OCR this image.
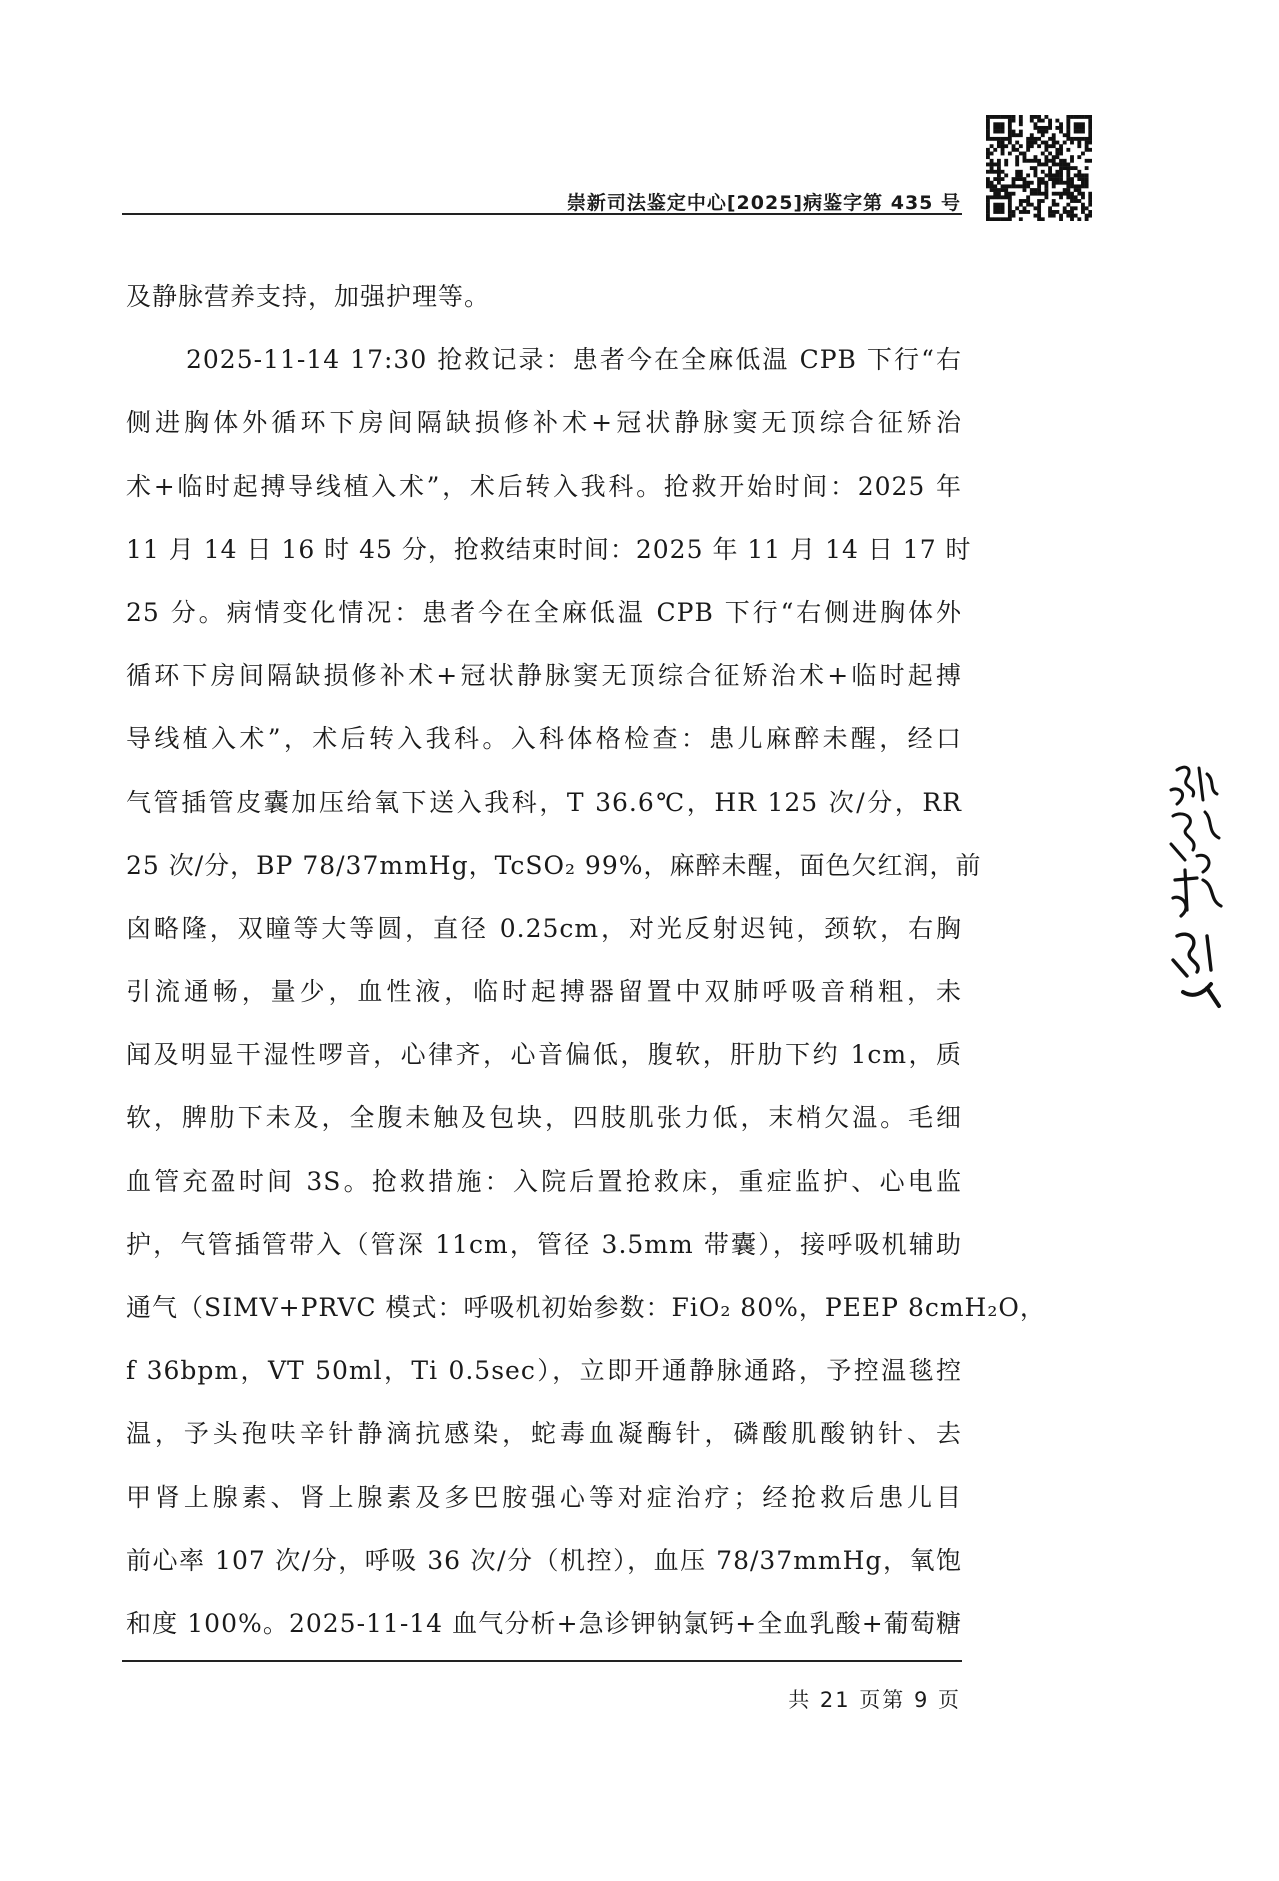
崇新司法鉴定中心[2025]病鉴字第 435 号
及静脉营养支持，加强护理等。
2025-11-14 17:30 抢救记录：患者今在全麻低温 CPB 下行“右
侧进胸体外循环下房间隔缺损修补术+冠状静脉窦无顶综合征矫治
术+临时起搏导线植入术”，术后转入我科。抢救开始时间：2025 年
11 月 14 日 16 时 45 分，抢救结束时间：2025 年 11 月 14 日 17 时
25 分。病情变化情况：患者今在全麻低温 CPB 下行“右侧进胸体外
循环下房间隔缺损修补术+冠状静脉窦无顶综合征矫治术+临时起搏
导线植入术”，术后转入我科。入科体格检查：患儿麻醉未醒，经口
气管插管皮囊加压给氧下送入我科，T 36.6℃，HR 125 次/分，RR
25 次/分，BP 78/37mmHg，TcSO₂ 99%，麻醉未醒，面色欠红润，前
囟略隆，双瞳等大等圆，直径 0.25cm，对光反射迟钝，颈软，右胸
引流通畅，量少，血性液，临时起搏器留置中双肺呼吸音稍粗，未
闻及明显干湿性啰音，心律齐，心音偏低，腹软，肝肋下约 1cm，质
软，脾肋下未及，全腹未触及包块，四肢肌张力低，末梢欠温。毛细
血管充盈时间 3S。抢救措施：入院后置抢救床，重症监护、心电监
护，气管插管带入（管深 11cm，管径 3.5mm 带囊），接呼吸机辅助
通气（SIMV+PRVC 模式：呼吸机初始参数：FiO₂ 80%，PEEP 8cmH₂O，
f 36bpm，VT 50ml，Ti 0.5sec），立即开通静脉通路，予控温毯控
温，予头孢呋辛针静滴抗感染，蛇毒血凝酶针，磷酸肌酸钠针、去
甲肾上腺素、肾上腺素及多巴胺强心等对症治疗；经抢救后患儿目
前心率 107 次/分，呼吸 36 次/分（机控），血压 78/37mmHg，氧饱
和度 100%。2025-11-14 血气分析+急诊钾钠氯钙+全血乳酸+葡萄糖
共 21 页第 9 页
